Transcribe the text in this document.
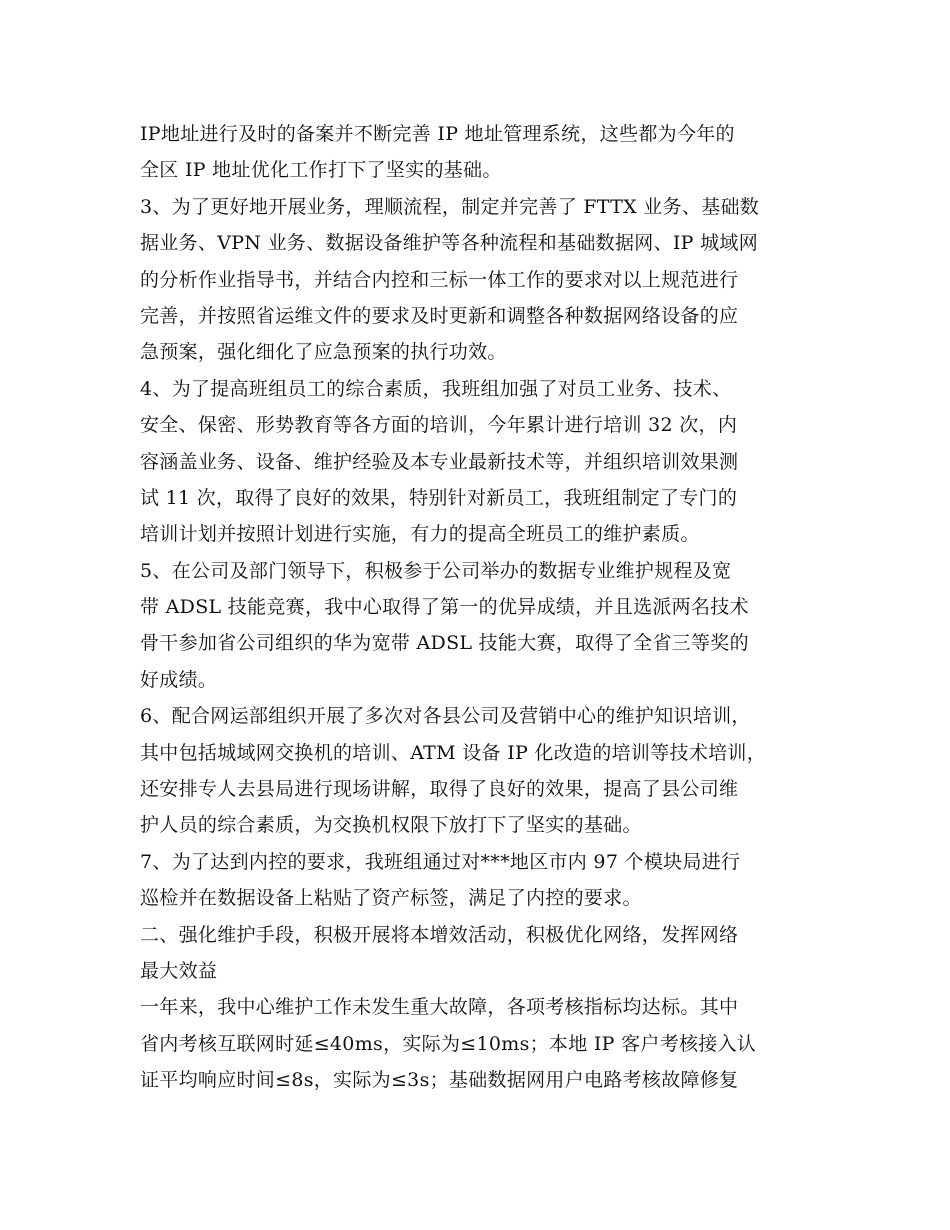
IP地址进行及时的备案并不断完善 IP 地址管理系统，这些都为今年的
全区 IP 地址优化工作打下了坚实的基础。
3、为了更好地开展业务，理顺流程，制定并完善了 FTTX 业务、基础数
据业务、VPN 业务、数据设备维护等各种流程和基础数据网、IP 城域网
的分析作业指导书，并结合内控和三标一体工作的要求对以上规范进行
完善，并按照省运维文件的要求及时更新和调整各种数据网络设备的应
急预案，强化细化了应急预案的执行功效。
4、为了提高班组员工的综合素质，我班组加强了对员工业务、技术、
安全、保密、形势教育等各方面的培训，今年累计进行培训 32 次，内
容涵盖业务、设备、维护经验及本专业最新技术等，并组织培训效果测
试 11 次，取得了良好的效果，特别针对新员工，我班组制定了专门的
培训计划并按照计划进行实施，有力的提高全班员工的维护素质。
5、在公司及部门领导下，积极参于公司举办的数据专业维护规程及宽
带 ADSL 技能竞赛，我中心取得了第一的优异成绩，并且选派两名技术
骨干参加省公司组织的华为宽带 ADSL 技能大赛，取得了全省三等奖的
好成绩。
6、配合网运部组织开展了多次对各县公司及营销中心的维护知识培训，
其中包括城域网交换机的培训、ATM 设备 IP 化改造的培训等技术培训，
还安排专人去县局进行现场讲解，取得了良好的效果，提高了县公司维
护人员的综合素质，为交换机权限下放打下了坚实的基础。
7、为了达到内控的要求，我班组通过对***地区市内 97 个模块局进行
巡检并在数据设备上粘贴了资产标签，满足了内控的要求。
二、强化维护手段，积极开展将本增效活动，积极优化网络，发挥网络
最大效益
一年来，我中心维护工作未发生重大故障，各项考核指标均达标。其中
省内考核互联网时延≤40ms，实际为≤10ms；本地 IP 客户考核接入认
证平均响应时间≤8s，实际为≤3s；基础数据网用户电路考核故障修复
